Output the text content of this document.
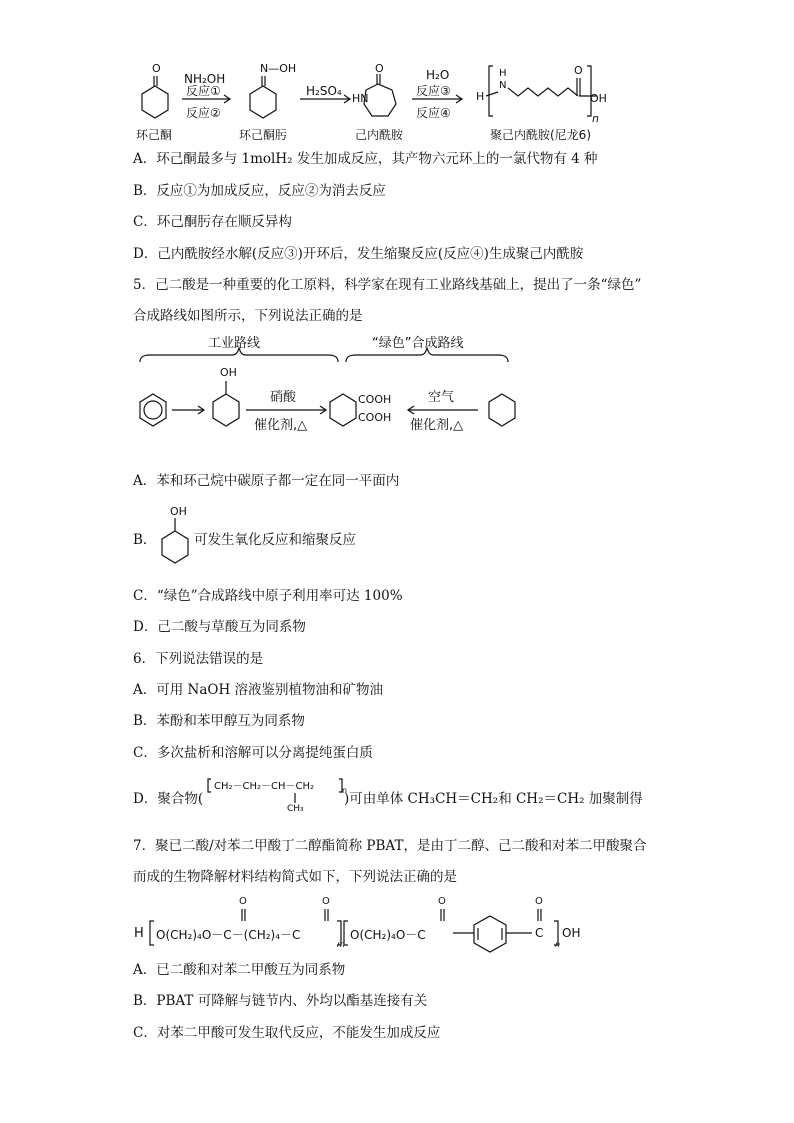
O
NH₂OH
反应①
反应②
N—OH
H₂SO₄
HN
O	H₂O
反应③
反应④
H
H
N
O
OH
n
环己酮	环己酮肟	己内酰胺	聚己内酰胺(尼龙6)
A．环己酮最多与 1molH₂ 发生加成反应，其产物六元环上的一氯代物有 4 种
B．反应①为加成反应，反应②为消去反应
C．环己酮肟存在顺反异构
D．己内酰胺经水解(反应③)开环后，发生缩聚反应(反应④)生成聚己内酰胺
5．己二酸是一种重要的化工原料，科学家在现有工业路线基础上，提出了一条“绿色”
合成路线如图所示，下列说法正确的是
工业路线	“绿色”合成路线
OH
硝酸
催化剂,△
COOH
COOH
空气
催化剂,△
A．苯和环己烷中碳原子都一定在同一平面内
B．
OH
可发生氧化反应和缩聚反应
C．“绿色”合成路线中原子利用率可达 100%
D．己二酸与草酸互为同系物
6．下列说法错误的是
A．可用 NaOH 溶液鉴别植物油和矿物油
B．苯酚和苯甲醇互为同系物
C．多次盐析和溶解可以分离提纯蛋白质
D．聚合物(
CH₂－CH₂－CH－CH₂	n
CH₃
)可由单体 CH₃CH＝CH₂和 CH₂＝CH₂ 加聚制得
7．聚已二酸/对苯二甲酸丁二醇酯简称 PBAT，是由丁二醇、己二酸和对苯二甲酸聚合
而成的生物降解材料结构简式如下，下列说法正确的是
H O(CH₂)₄O－C－(CH₂)₄－C
m
O(CH₂)₄O－C	C OH
n
O	O	O	O
A．已二酸和对苯二甲酸互为同系物
B．PBAT 可降解与链节内、外均以酯基连接有关
C．对苯二甲酸可发生取代反应，不能发生加成反应
